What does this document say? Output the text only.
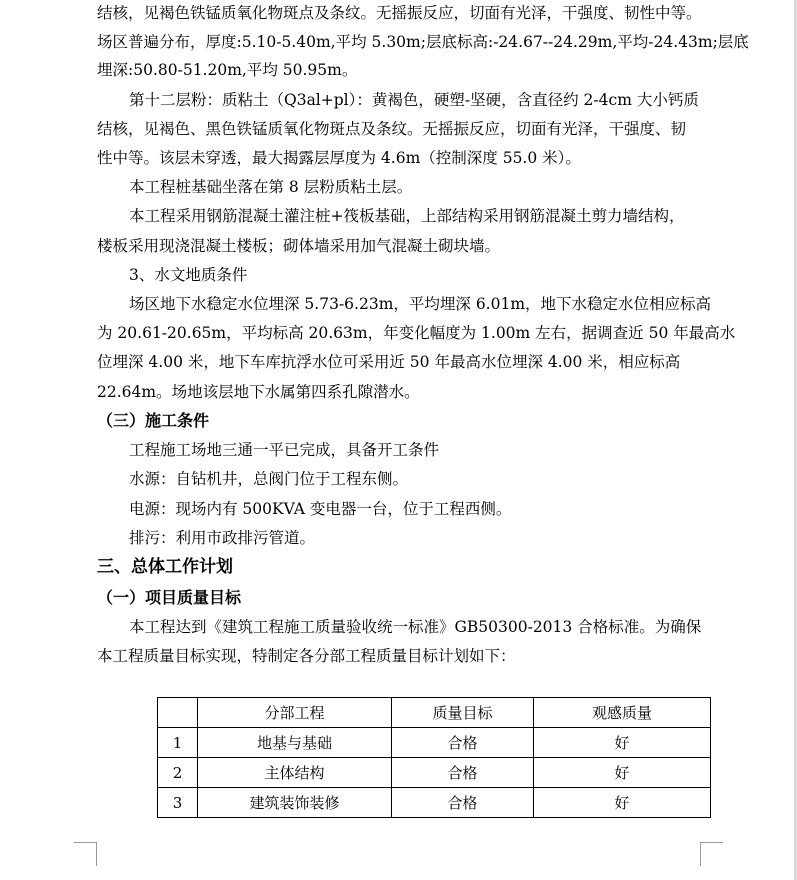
结核，见褐色铁锰质氧化物斑点及条纹。无摇振反应，切面有光泽，干强度、韧性中等。
场区普遍分布，厚度:5.10-5.40m,平均 5.30m;层底标高:-24.67--24.29m,平均-24.43m;层底
埋深:50.80-51.20m,平均 50.95m。
第十二层粉：质粘土（Q3al+pl）：黄褐色，硬塑-坚硬，含直径约 2-4cm 大小钙质
结核，见褐色、黑色铁锰质氧化物斑点及条纹。无摇振反应，切面有光泽，干强度、韧
性中等。该层未穿透，最大揭露层厚度为 4.6m（控制深度 55.0 米）。
本工程桩基础坐落在第 8 层粉质粘土层。
本工程采用钢筋混凝土灌注桩+筏板基础，上部结构采用钢筋混凝土剪力墙结构，
楼板采用现浇混凝土楼板；砌体墙采用加气混凝土砌块墙。
3、水文地质条件
场区地下水稳定水位埋深 5.73-6.23m，平均埋深 6.01m，地下水稳定水位相应标高
为 20.61-20.65m，平均标高 20.63m，年变化幅度为 1.00m 左右，据调查近 50 年最高水
位埋深 4.00 米，地下车库抗浮水位可采用近 50 年最高水位埋深 4.00 米，相应标高
22.64m。场地该层地下水属第四系孔隙潜水。
（三）施工条件
工程施工场地三通一平已完成，具备开工条件
水源：自钻机井，总阀门位于工程东侧。
电源：现场内有 500KVA 变电器一台，位于工程西侧。
排污：利用市政排污管道。
三、总体工作计划
（一）项目质量目标
本工程达到《建筑工程施工质量验收统一标准》GB50300-2013 合格标准。为确保
本工程质量目标实现，特制定各分部工程质量目标计划如下：
	分部工程	质量目标	观感质量
1	地基与基础	合格	好
2	主体结构	合格	好
3	建筑装饰装修	合格	好
